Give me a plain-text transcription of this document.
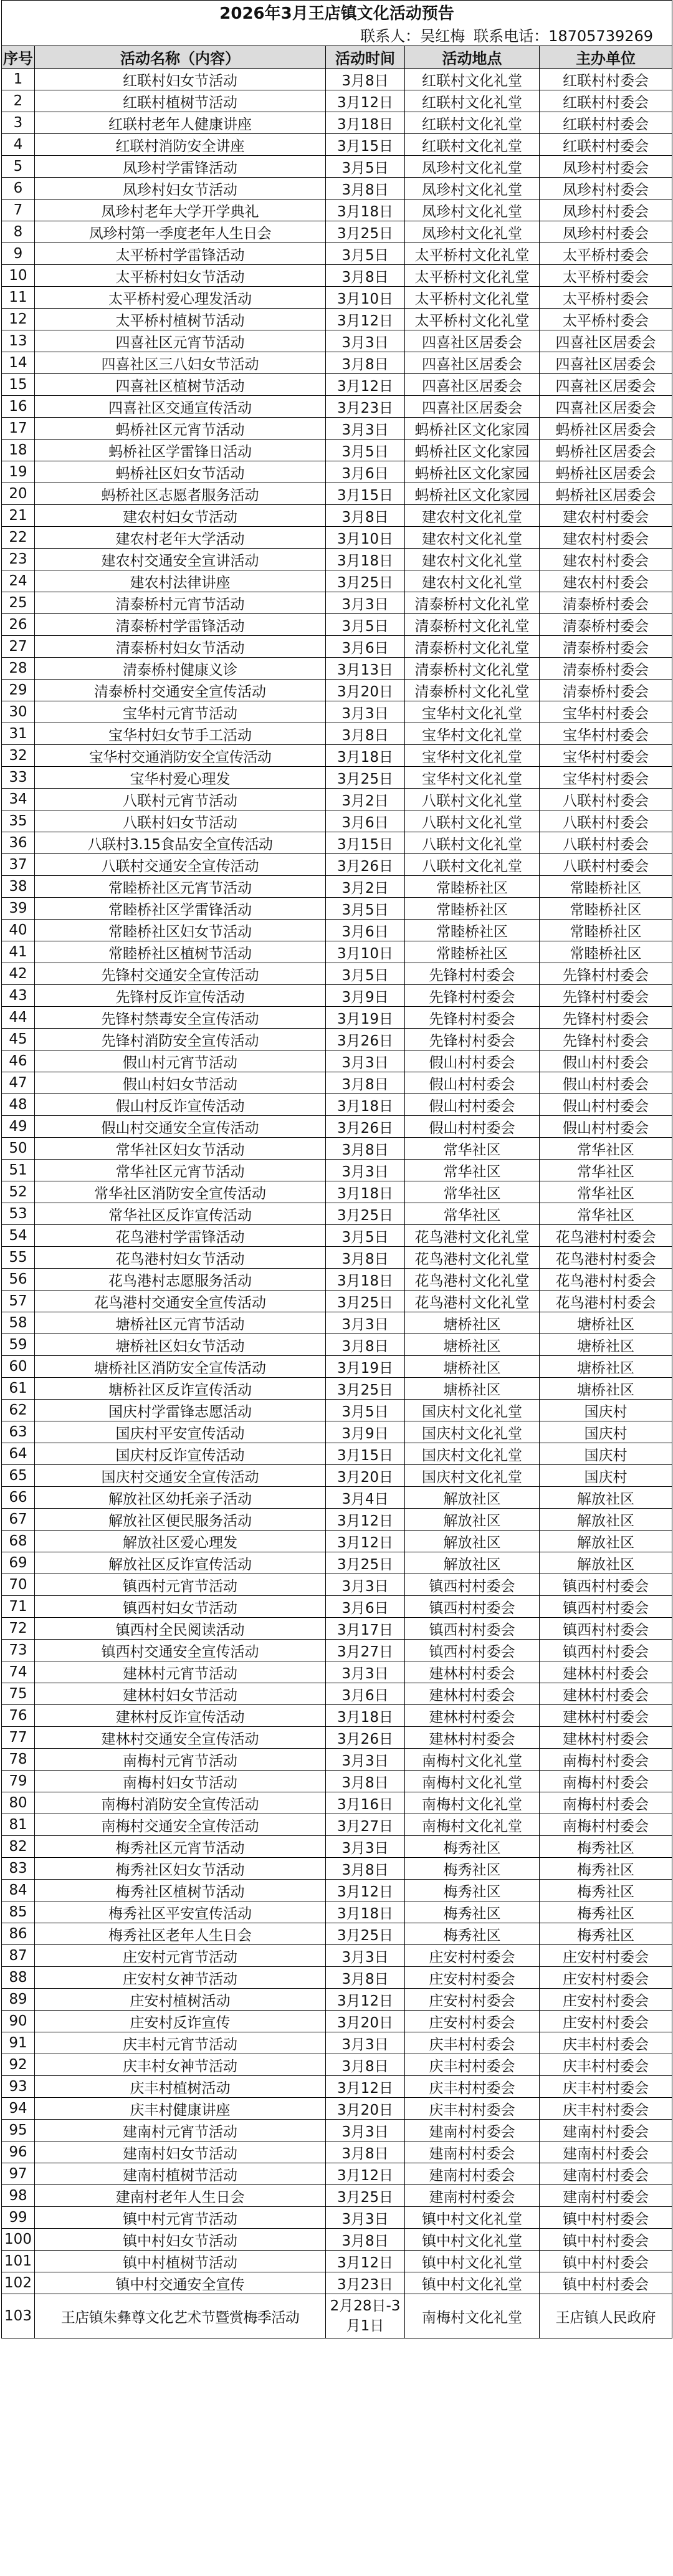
2026年3月王店镇文化活动预告				
联系人：吴红梅 联系电话：18705739269				
序号	活动名称（内容）	活动时间	活动地点	主办单位
1	红联村妇女节活动	3月8日	红联村文化礼堂	红联村村委会
2	红联村植树节活动	3月12日	红联村文化礼堂	红联村村委会
3	红联村老年人健康讲座	3月18日	红联村文化礼堂	红联村村委会
4	红联村消防安全讲座	3月15日	红联村文化礼堂	红联村村委会
5	凤珍村学雷锋活动	3月5日	凤珍村文化礼堂	凤珍村村委会
6	凤珍村妇女节活动	3月8日	凤珍村文化礼堂	凤珍村村委会
7	凤珍村老年大学开学典礼	3月18日	凤珍村文化礼堂	凤珍村村委会
8	凤珍村第一季度老年人生日会	3月25日	凤珍村文化礼堂	凤珍村村委会
9	太平桥村学雷锋活动	3月5日	太平桥村文化礼堂	太平桥村委会
10	太平桥村妇女节活动	3月8日	太平桥村文化礼堂	太平桥村委会
11	太平桥村爱心理发活动	3月10日	太平桥村文化礼堂	太平桥村委会
12	太平桥村植树节活动	3月12日	太平桥村文化礼堂	太平桥村委会
13	四喜社区元宵节活动	3月3日	四喜社区居委会	四喜社区居委会
14	四喜社区三八妇女节活动	3月8日	四喜社区居委会	四喜社区居委会
15	四喜社区植树节活动	3月12日	四喜社区居委会	四喜社区居委会
16	四喜社区交通宣传活动	3月23日	四喜社区居委会	四喜社区居委会
17	蚂桥社区元宵节活动	3月3日	蚂桥社区文化家园	蚂桥社区居委会
18	蚂桥社区学雷锋日活动	3月5日	蚂桥社区文化家园	蚂桥社区居委会
19	蚂桥社区妇女节活动	3月6日	蚂桥社区文化家园	蚂桥社区居委会
20	蚂桥社区志愿者服务活动	3月15日	蚂桥社区文化家园	蚂桥社区居委会
21	建农村妇女节活动	3月8日	建农村文化礼堂	建农村村委会
22	建农村老年大学活动	3月10日	建农村文化礼堂	建农村村委会
23	建农村交通安全宣讲活动	3月18日	建农村文化礼堂	建农村村委会
24	建农村法律讲座	3月25日	建农村文化礼堂	建农村村委会
25	清泰桥村元宵节活动	3月3日	清泰桥村文化礼堂	清泰桥村委会
26	清泰桥村学雷锋活动	3月5日	清泰桥村文化礼堂	清泰桥村委会
27	清泰桥村妇女节活动	3月6日	清泰桥村文化礼堂	清泰桥村委会
28	清泰桥村健康义诊	3月13日	清泰桥村文化礼堂	清泰桥村委会
29	清泰桥村交通安全宣传活动	3月20日	清泰桥村文化礼堂	清泰桥村委会
30	宝华村元宵节活动	3月3日	宝华村文化礼堂	宝华村村委会
31	宝华村妇女节手工活动	3月8日	宝华村文化礼堂	宝华村村委会
32	宝华村交通消防安全宣传活动	3月18日	宝华村文化礼堂	宝华村村委会
33	宝华村爱心理发	3月25日	宝华村文化礼堂	宝华村村委会
34	八联村元宵节活动	3月2日	八联村文化礼堂	八联村村委会
35	八联村妇女节活动	3月6日	八联村文化礼堂	八联村村委会
36	八联村3.15食品安全宣传活动	3月15日	八联村文化礼堂	八联村村委会
37	八联村交通安全宣传活动	3月26日	八联村文化礼堂	八联村村委会
38	常睦桥社区元宵节活动	3月2日	常睦桥社区	常睦桥社区
39	常睦桥社区学雷锋活动	3月5日	常睦桥社区	常睦桥社区
40	常睦桥社区妇女节活动	3月6日	常睦桥社区	常睦桥社区
41	常睦桥社区植树节活动	3月10日	常睦桥社区	常睦桥社区
42	先锋村交通安全宣传活动	3月5日	先锋村村委会	先锋村村委会
43	先锋村反诈宣传活动	3月9日	先锋村村委会	先锋村村委会
44	先锋村禁毒安全宣传活动	3月19日	先锋村村委会	先锋村村委会
45	先锋村消防安全宣传活动	3月26日	先锋村村委会	先锋村村委会
46	假山村元宵节活动	3月3日	假山村村委会	假山村村委会
47	假山村妇女节活动	3月8日	假山村村委会	假山村村委会
48	假山村反诈宣传活动	3月18日	假山村村委会	假山村村委会
49	假山村交通安全宣传活动	3月26日	假山村村委会	假山村村委会
50	常华社区妇女节活动	3月8日	常华社区	常华社区
51	常华社区元宵节活动	3月3日	常华社区	常华社区
52	常华社区消防安全宣传活动	3月18日	常华社区	常华社区
53	常华社区反诈宣传活动	3月25日	常华社区	常华社区
54	花鸟港村学雷锋活动	3月5日	花鸟港村文化礼堂	花鸟港村村委会
55	花鸟港村妇女节活动	3月8日	花鸟港村文化礼堂	花鸟港村村委会
56	花鸟港村志愿服务活动	3月18日	花鸟港村文化礼堂	花鸟港村村委会
57	花鸟港村交通安全宣传活动	3月25日	花鸟港村文化礼堂	花鸟港村村委会
58	塘桥社区元宵节活动	3月3日	塘桥社区	塘桥社区
59	塘桥社区妇女节活动	3月8日	塘桥社区	塘桥社区
60	塘桥社区消防安全宣传活动	3月19日	塘桥社区	塘桥社区
61	塘桥社区反诈宣传活动	3月25日	塘桥社区	塘桥社区
62	国庆村学雷锋志愿活动	3月5日	国庆村文化礼堂	国庆村
63	国庆村平安宣传活动	3月9日	国庆村文化礼堂	国庆村
64	国庆村反诈宣传活动	3月15日	国庆村文化礼堂	国庆村
65	国庆村交通安全宣传活动	3月20日	国庆村文化礼堂	国庆村
66	解放社区幼托亲子活动	3月4日	解放社区	解放社区
67	解放社区便民服务活动	3月12日	解放社区	解放社区
68	解放社区爱心理发	3月12日	解放社区	解放社区
69	解放社区反诈宣传活动	3月25日	解放社区	解放社区
70	镇西村元宵节活动	3月3日	镇西村村委会	镇西村村委会
71	镇西村妇女节活动	3月6日	镇西村村委会	镇西村村委会
72	镇西村全民阅读活动	3月17日	镇西村村委会	镇西村村委会
73	镇西村交通安全宣传活动	3月27日	镇西村村委会	镇西村村委会
74	建林村元宵节活动	3月3日	建林村村委会	建林村村委会
75	建林村妇女节活动	3月6日	建林村村委会	建林村村委会
76	建林村反诈宣传活动	3月18日	建林村村委会	建林村村委会
77	建林村交通安全宣传活动	3月26日	建林村村委会	建林村村委会
78	南梅村元宵节活动	3月3日	南梅村文化礼堂	南梅村村委会
79	南梅村妇女节活动	3月8日	南梅村文化礼堂	南梅村村委会
80	南梅村消防安全宣传活动	3月16日	南梅村文化礼堂	南梅村村委会
81	南梅村交通安全宣传活动	3月27日	南梅村文化礼堂	南梅村村委会
82	梅秀社区元宵节活动	3月3日	梅秀社区	梅秀社区
83	梅秀社区妇女节活动	3月8日	梅秀社区	梅秀社区
84	梅秀社区植树节活动	3月12日	梅秀社区	梅秀社区
85	梅秀社区平安宣传活动	3月18日	梅秀社区	梅秀社区
86	梅秀社区老年人生日会	3月25日	梅秀社区	梅秀社区
87	庄安村元宵节活动	3月3日	庄安村村委会	庄安村村委会
88	庄安村女神节活动	3月8日	庄安村村委会	庄安村村委会
89	庄安村植树活动	3月12日	庄安村村委会	庄安村村委会
90	庄安村反诈宣传	3月20日	庄安村村委会	庄安村村委会
91	庆丰村元宵节活动	3月3日	庆丰村村委会	庆丰村村委会
92	庆丰村女神节活动	3月8日	庆丰村村委会	庆丰村村委会
93	庆丰村植树活动	3月12日	庆丰村村委会	庆丰村村委会
94	庆丰村健康讲座	3月20日	庆丰村村委会	庆丰村村委会
95	建南村元宵节活动	3月3日	建南村村委会	建南村村委会
96	建南村妇女节活动	3月8日	建南村村委会	建南村村委会
97	建南村植树节活动	3月12日	建南村村委会	建南村村委会
98	建南村老年人生日会	3月25日	建南村村委会	建南村村委会
99	镇中村元宵节活动	3月3日	镇中村文化礼堂	镇中村村委会
100	镇中村妇女节活动	3月8日	镇中村文化礼堂	镇中村村委会
101	镇中村植树节活动	3月12日	镇中村文化礼堂	镇中村村委会
102	镇中村交通安全宣传	3月23日	镇中村文化礼堂	镇中村村委会
103	王店镇朱彝尊文化艺术节暨赏梅季活动	2月28日-3月1日	南梅村文化礼堂	王店镇人民政府
